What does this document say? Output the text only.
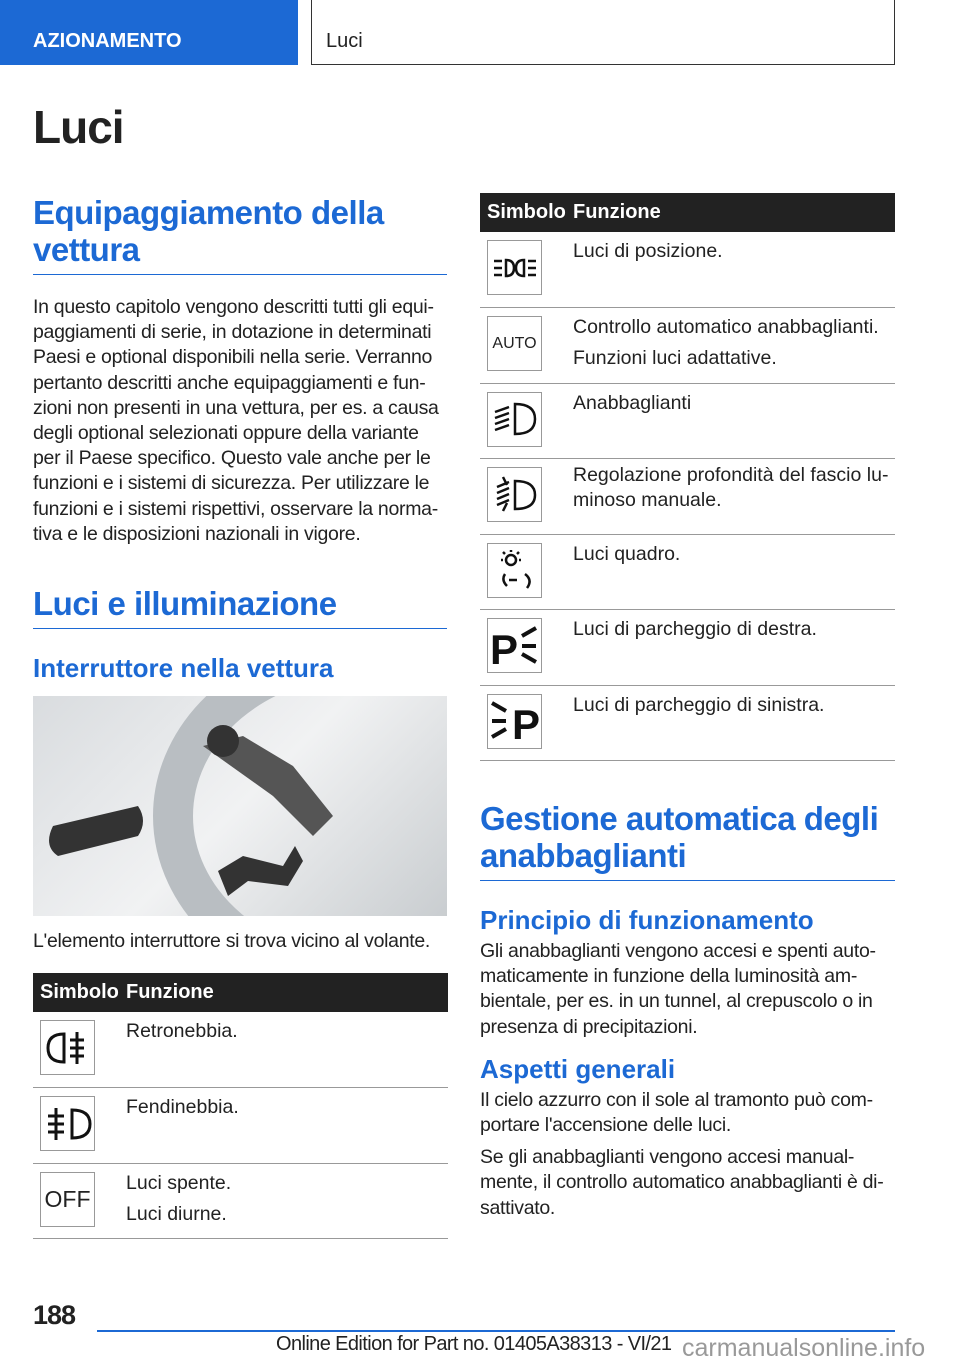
AZIONAMENTO	Luci
Luci
Equipaggiamento della vettura
In questo capitolo vengono descritti tutti gli equipaggiamenti di serie, in dotazione in determinati Paesi e optional disponibili nella serie. Verranno pertanto descritti anche equipaggiamenti e funzioni non presenti in una vettura, per es. a causa degli optional selezionati oppure della variante per il Paese specifico. Questo vale anche per le funzioni e i sistemi di sicurezza. Per utilizzare le funzioni e i sistemi rispettivi, osservare la normativa e le disposizioni nazionali in vigore.
Luci e illuminazione
Interruttore nella vettura
L'elemento interruttore si trova vicino al volante.
Simbolo	Funzione

	Retronebbia.

	Fendinebbia.

OFF	Luci spente.
Luci diurne.
Simbolo	Funzione

	Luci di posizione.

AUTO	Controllo automatico anabbaglianti.
Funzioni luci adattative.

	Anabbaglianti

	Regolazione profondità del fascio luminoso manuale.

	Luci quadro.

P	Luci di parcheggio di destra.

P	Luci di parcheggio di sinistra.
Gestione automatica degli anabbaglianti
Principio di funzionamento
Gli anabbaglianti vengono accesi e spenti automaticamente in funzione della luminosità ambientale, per es. in un tunnel, al crepuscolo o in presenza di precipitazioni.
Aspetti generali
Il cielo azzurro con il sole al tramonto può comportare l'accensione delle luci.
Se gli anabbaglianti vengono accesi manualmente, il controllo automatico anabbaglianti è disattivato.
188
Online Edition for Part no. 01405A38313 - VI/21 carmanualsonline.info
